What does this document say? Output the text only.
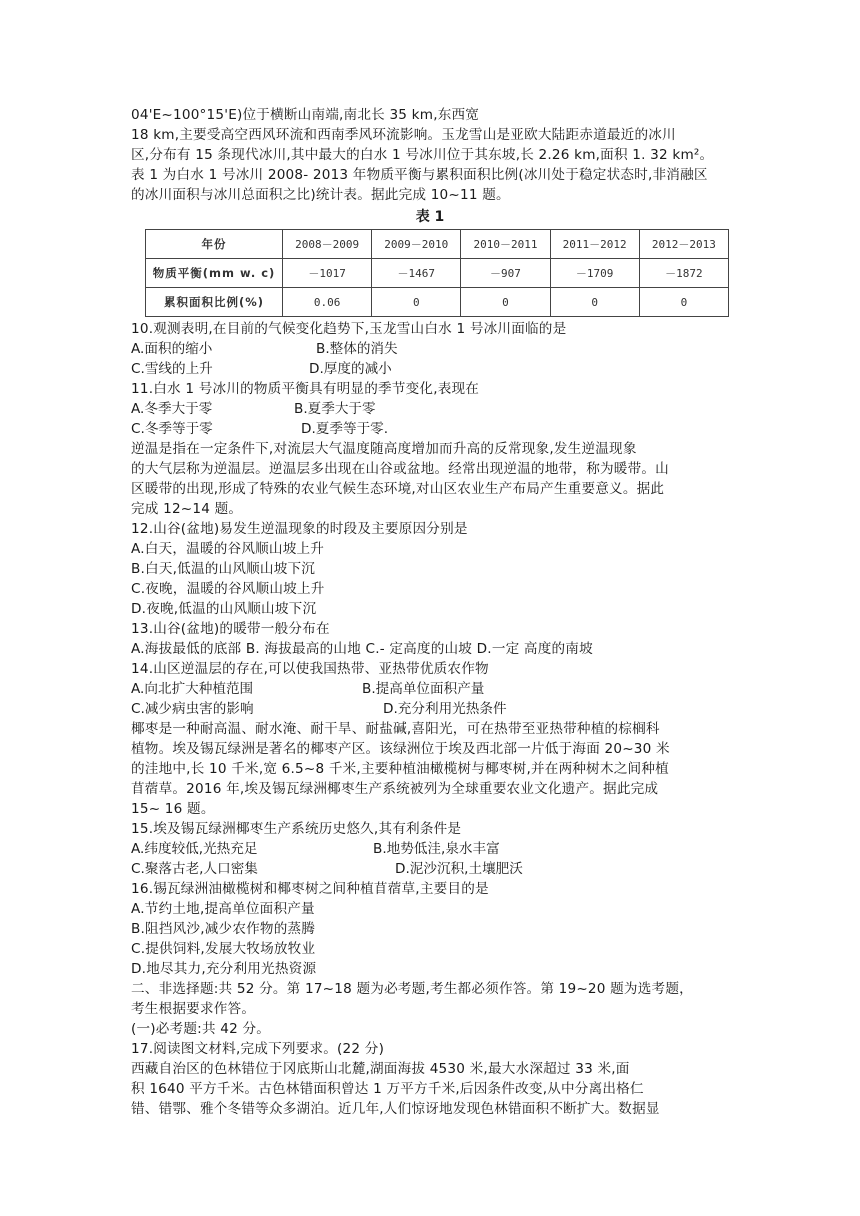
04'E~100°15'E)位于横断山南端,南北长 35 km,东西宽
18 km,主要受高空西风环流和西南季风环流影响。玉龙雪山是亚欧大陆距赤道最近的冰川
区,分布有 15 条现代冰川,其中最大的白水 1 号冰川位于其东坡,长 2.26 km,面积 1. 32 km²。
表 1 为白水 1 号冰川 2008- 2013 年物质平衡与累积面积比例(冰川处于稳定状态时,非消融区
的冰川面积与冰川总面积之比)统计表。据此完成 10~11 题。
表 1
年份	2008－2009	2009－2010	2010－2011	2011－2012	2012－2013
物质平衡(mm w. c)	－1017	－1467	－907	－1709	－1872
累积面积比例(%)	0.06	0	0	0	0
10.观测表明,在目前的气候变化趋势下,玉龙雪山白水 1 号冰川面临的是
A.面积的缩小	B.整体的消失
C.雪线的上升	D.厚度的减小
11.白水 1 号冰川的物质平衡具有明显的季节变化,表现在
A.冬季大于零	B.夏季大于零
C.冬季等于零	D.夏季等于零.
逆温是指在一定条件下,对流层大气温度随高度增加而升高的反常现象,发生逆温现象
的大气层称为逆温层。逆温层多出现在山谷或盆地。经常出现逆温的地带，称为暖带。山
区暖带的出现,形成了特殊的农业气候生态环境,对山区农业生产布局产生重要意义。据此
完成 12~14 题。
12.山谷(盆地)易发生逆温现象的时段及主要原因分别是
A.白天，温暖的谷风顺山坡上升
B.白天,低温的山风顺山坡下沉
C.夜晚，温暖的谷风顺山坡上升
D.夜晚,低温的山风顺山坡下沉
13.山谷(盆地)的暖带一般分布在
A.海拔最低的底部 B. 海拔最高的山地 C.- 定高度的山坡 D.一定 高度的南坡
14.山区逆温层的存在,可以使我国热带、亚热带优质农作物
A.向北扩大种植范围	B.提高单位面积产量
C.减少病虫害的影响	D.充分利用光热条件
椰枣是一种耐高温、耐水淹、耐干旱、耐盐碱,喜阳光，可在热带至亚热带种植的棕榈科
植物。埃及锡瓦绿洲是著名的椰枣产区。该绿洲位于埃及西北部一片低于海面 20~30 米
的洼地中,长 10 千米,宽 6.5~8 千米,主要种植油橄榄树与椰枣树,并在两种树木之间种植
苜蓿草。2016 年,埃及锡瓦绿洲椰枣生产系统被列为全球重要农业文化遗产。据此完成
15~ 16 题。
15.埃及锡瓦绿洲椰枣生产系统历史悠久,其有利条件是
A.纬度较低,光热充足	B.地势低洼,泉水丰富
C.聚落古老,人口密集	D.泥沙沉积,土壤肥沃
16.锡瓦绿洲油橄榄树和椰枣树之间种植苜蓿草,主要目的是
A.节约土地,提高单位面积产量
B.阻挡风沙,减少农作物的蒸腾
C.提供饲料,发展大牧场放牧业
D.地尽其力,充分利用光热资源
二、非选择题:共 52 分。第 17~18 题为必考题,考生都必须作答。第 19~20 题为选考题，
考生根据要求作答。
(一)必考题:共 42 分。
17.阅读图文材料,完成下列要求。(22 分)
西藏自治区的色林错位于冈底斯山北麓,湖面海拔 4530 米,最大水深超过 33 米,面
积 1640 平方千米。古色林错面积曾达 1 万平方千米,后因条件改变,从中分离出格仁
错、错鄂、雅个冬错等众多湖泊。近几年,人们惊讶地发现色林错面积不断扩大。数据显
